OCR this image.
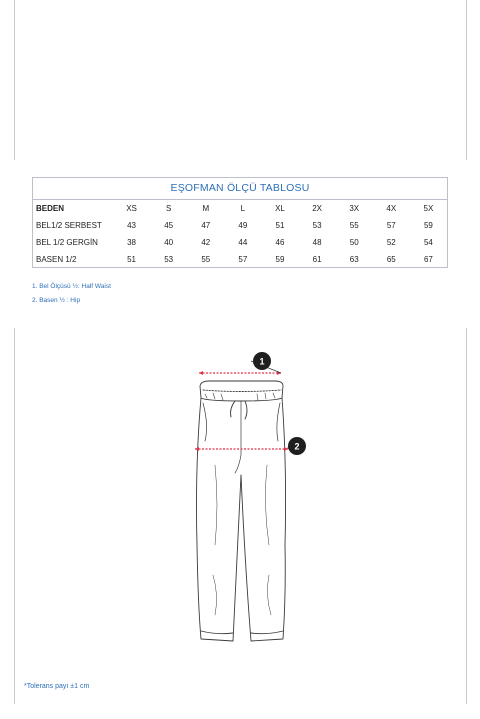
EŞOFMAN ÖLÇÜ TABLOSU
BEDEN	XS	S	M	L	XL	2X	3X	4X	5X
BEL1/2 SERBEST	43	45	47	49	51	53	55	57	59
BEL 1/2 GERGİN	38	40	42	44	46	48	50	52	54
BASEN 1/2	51	53	55	57	59	61	63	65	67
1. Bel Ölçüsü ½: Half Waist
2. Basen ½ : Hip
1
2
*Tolerans payı ±1 cm
